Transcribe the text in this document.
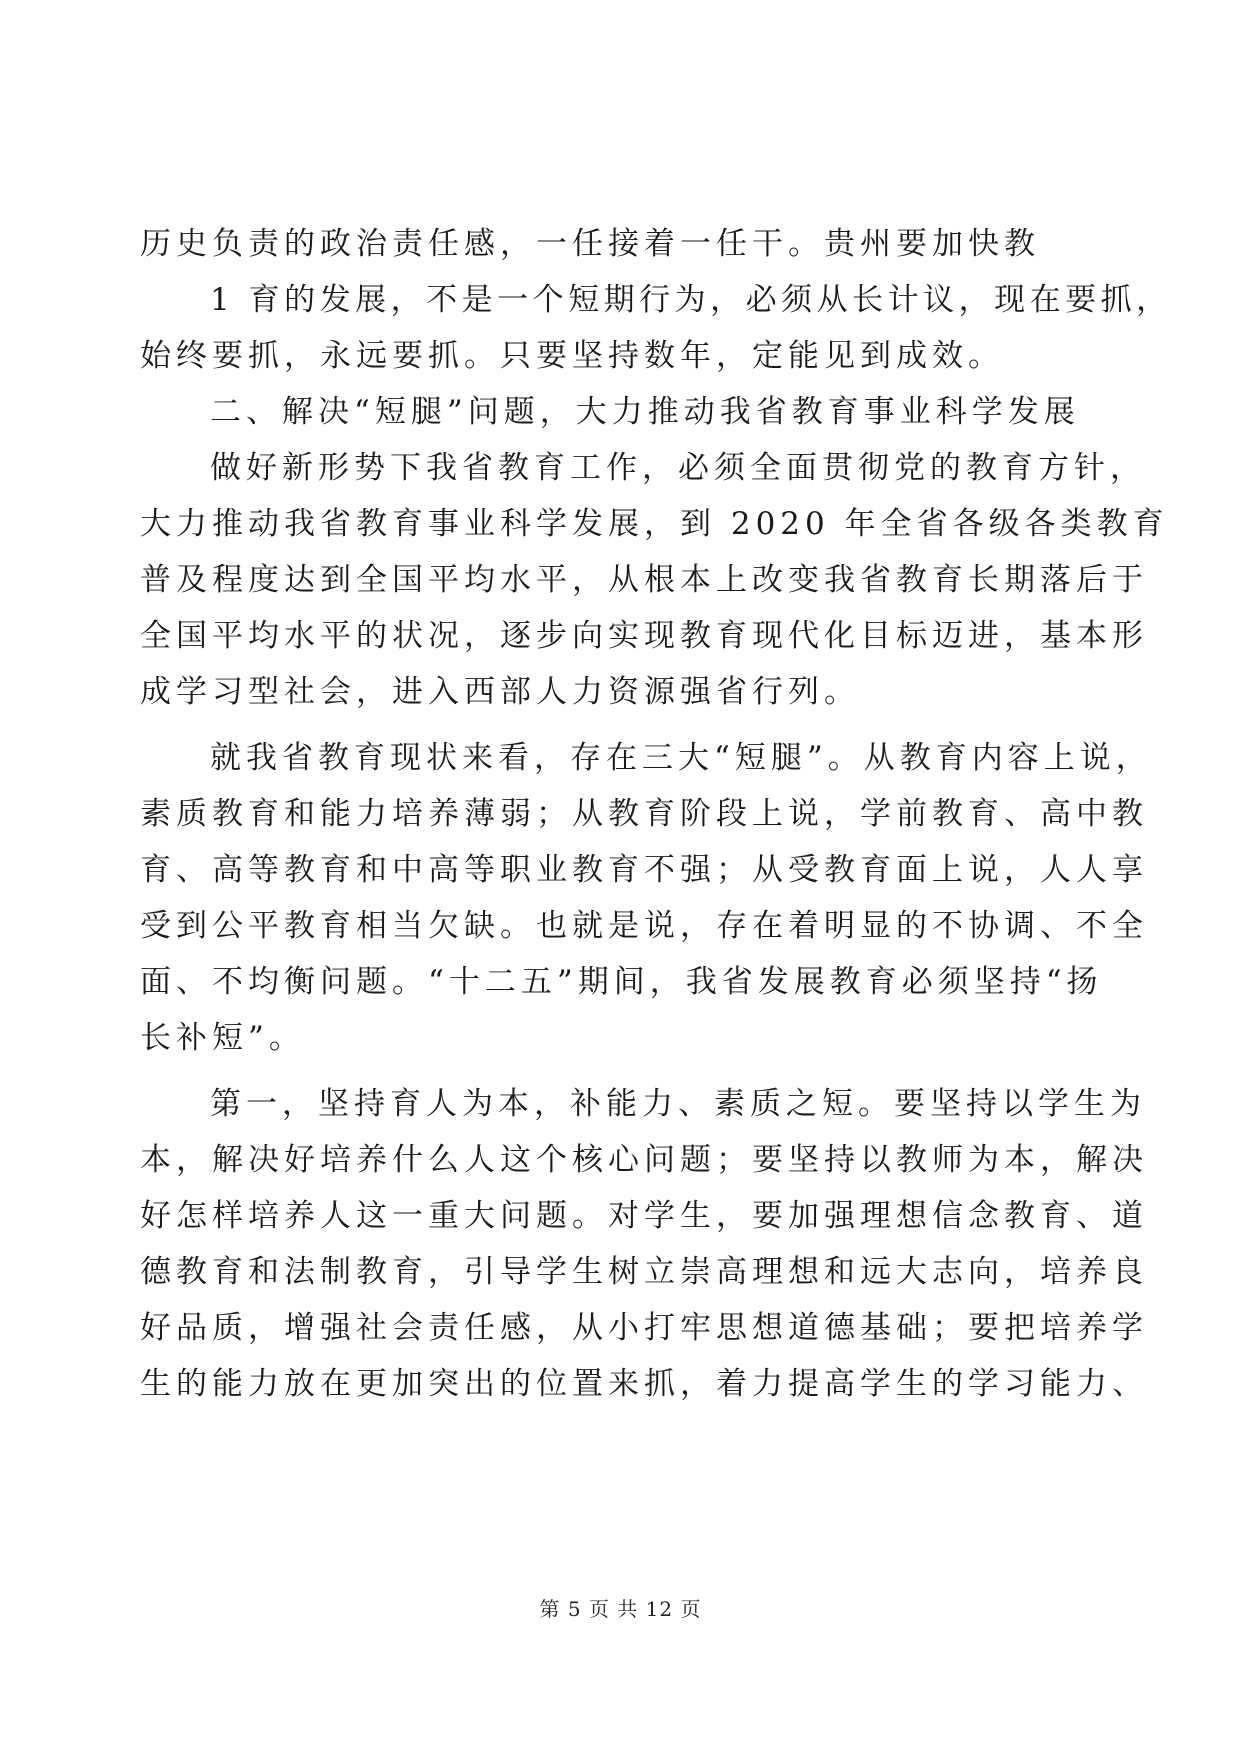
历史负责的政治责任感，一任接着一任干。贵州要加快教
1 育的发展，不是一个短期行为，必须从长计议，现在要抓，
始终要抓，永远要抓。只要坚持数年，定能见到成效。
二、解决“短腿”问题，大力推动我省教育事业科学发展
做好新形势下我省教育工作，必须全面贯彻党的教育方针，
大力推动我省教育事业科学发展，到 2020 年全省各级各类教育
普及程度达到全国平均水平，从根本上改变我省教育长期落后于
全国平均水平的状况，逐步向实现教育现代化目标迈进，基本形
成学习型社会，进入西部人力资源强省行列。
就我省教育现状来看，存在三大“短腿”。从教育内容上说，
素质教育和能力培养薄弱；从教育阶段上说，学前教育、高中教
育、高等教育和中高等职业教育不强；从受教育面上说，人人享
受到公平教育相当欠缺。也就是说，存在着明显的不协调、不全
面、不均衡问题。“十二五”期间，我省发展教育必须坚持“扬
长补短”。
第一，坚持育人为本，补能力、素质之短。要坚持以学生为
本，解决好培养什么人这个核心问题；要坚持以教师为本，解决
好怎样培养人这一重大问题。对学生，要加强理想信念教育、道
德教育和法制教育，引导学生树立崇高理想和远大志向，培养良
好品质，增强社会责任感，从小打牢思想道德基础；要把培养学
生的能力放在更加突出的位置来抓，着力提高学生的学习能力、
第 5 页 共 12 页
